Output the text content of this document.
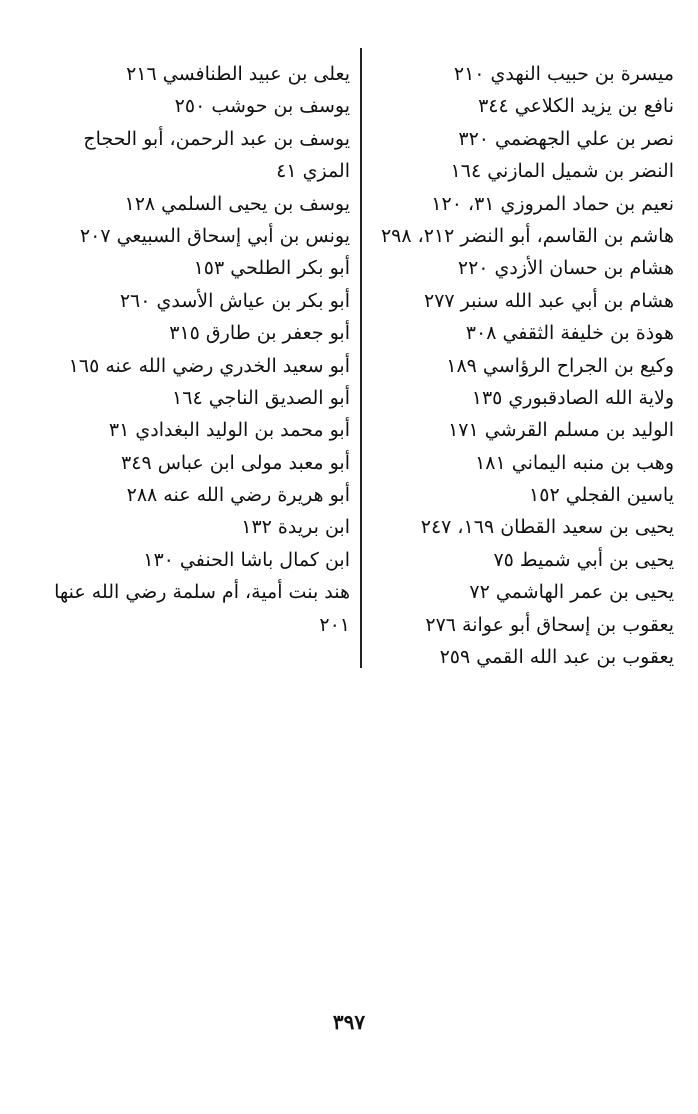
ميسرة بن حبيب النهدي ٢١٠
نافع بن يزيد الكلاعي ٣٤٤
نصر بن علي الجهضمي ٣٢٠
النضر بن شميل المازني ١٦٤
نعيم بن حماد المروزي ٣١، ١٢٠
هاشم بن القاسم، أبو النضر ٢١٢، ٢٩٨
هشام بن حسان الأزدي ٢٢٠
هشام بن أبي عبد الله سنبر ٢٧٧
هوذة بن خليفة الثقفي ٣٠٨
وكيع بن الجراح الرؤاسي ١٨٩
ولاية الله الصادقبوري ١٣٥
الوليد بن مسلم القرشي ١٧١
وهب بن منبه اليماني ١٨١
ياسين الفجلي ١٥٢
يحيى بن سعيد القطان ١٦٩، ٢٤٧
يحيى بن أبي شميط ٧٥
يحيى بن عمر الهاشمي ٧٢
يعقوب بن إسحاق أبو عوانة ٢٧٦
يعقوب بن عبد الله القمي ٢٥٩
يعلى بن عبيد الطنافسي ٢١٦
يوسف بن حوشب ٢٥٠
يوسف بن عبد الرحمن، أبو الحجاج
المزي ٤١
يوسف بن يحيى السلمي ١٢٨
يونس بن أبي إسحاق السبيعي ٢٠٧
أبو بكر الطلحي ١٥٣
أبو بكر بن عياش الأسدي ٢٦٠
أبو جعفر بن طارق ٣١٥
أبو سعيد الخدري رضي الله عنه ١٦٥
أبو الصديق الناجي ١٦٤
أبو محمد بن الوليد البغدادي ٣١
أبو معبد مولى ابن عباس ٣٤٩
أبو هريرة رضي الله عنه ٢٨٨
ابن بريدة ١٣٢
ابن كمال باشا الحنفي ١٣٠
هند بنت أمية، أم سلمة رضي الله عنها
٢٠١
٣٩٧
